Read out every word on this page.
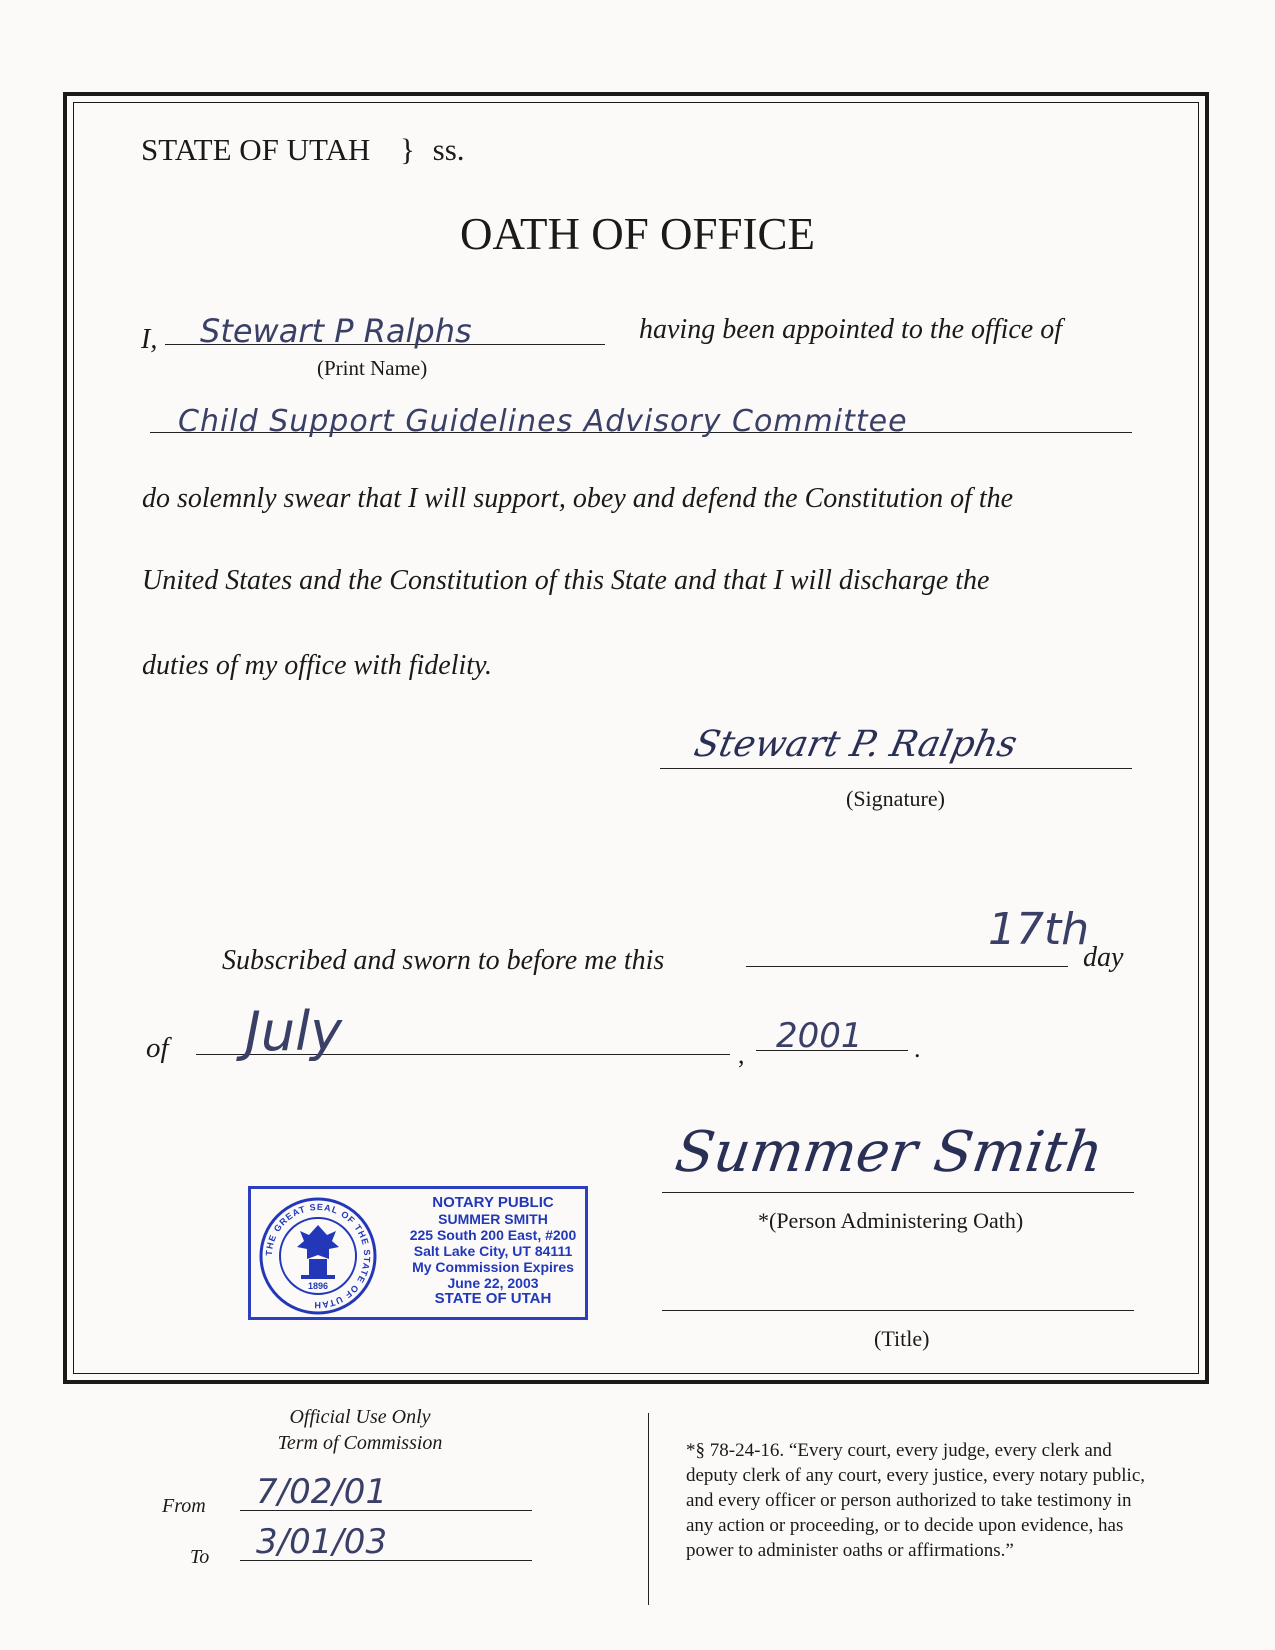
STATE OF UTAH } ss.
OATH OF OFFICE
I, Stewart P Ralphs
(Print Name)
having been appointed to the office of
Child Support Guidelines Advisory Committee
do solemnly swear that I will support, obey and defend the Constitution of the
United States and the Constitution of this State and that I will discharge the
duties of my office with fidelity.
Stewart P. Ralphs
(Signature)
Subscribed and sworn to before me this
17th
day
of July	, 2001 .
Summer Smith
*(Person Administering Oath)
(Title)
THE GREAT SEAL OF THE STATE OF UTAH
1896
NOTARY PUBLIC
SUMMER SMITH
225 South 200 East, #200
Salt Lake City, UT 84111
My Commission Expires
June 22, 2003
STATE OF UTAH
Official Use Only
Term of Commission
From 7/02/01
To 3/01/03
*§ 78-24-16. “Every court, every judge, every clerk and
deputy clerk of any court, every justice, every notary public,
and every officer or person authorized to take testimony in
any action or proceeding, or to decide upon evidence, has
power to administer oaths or affirmations.”
